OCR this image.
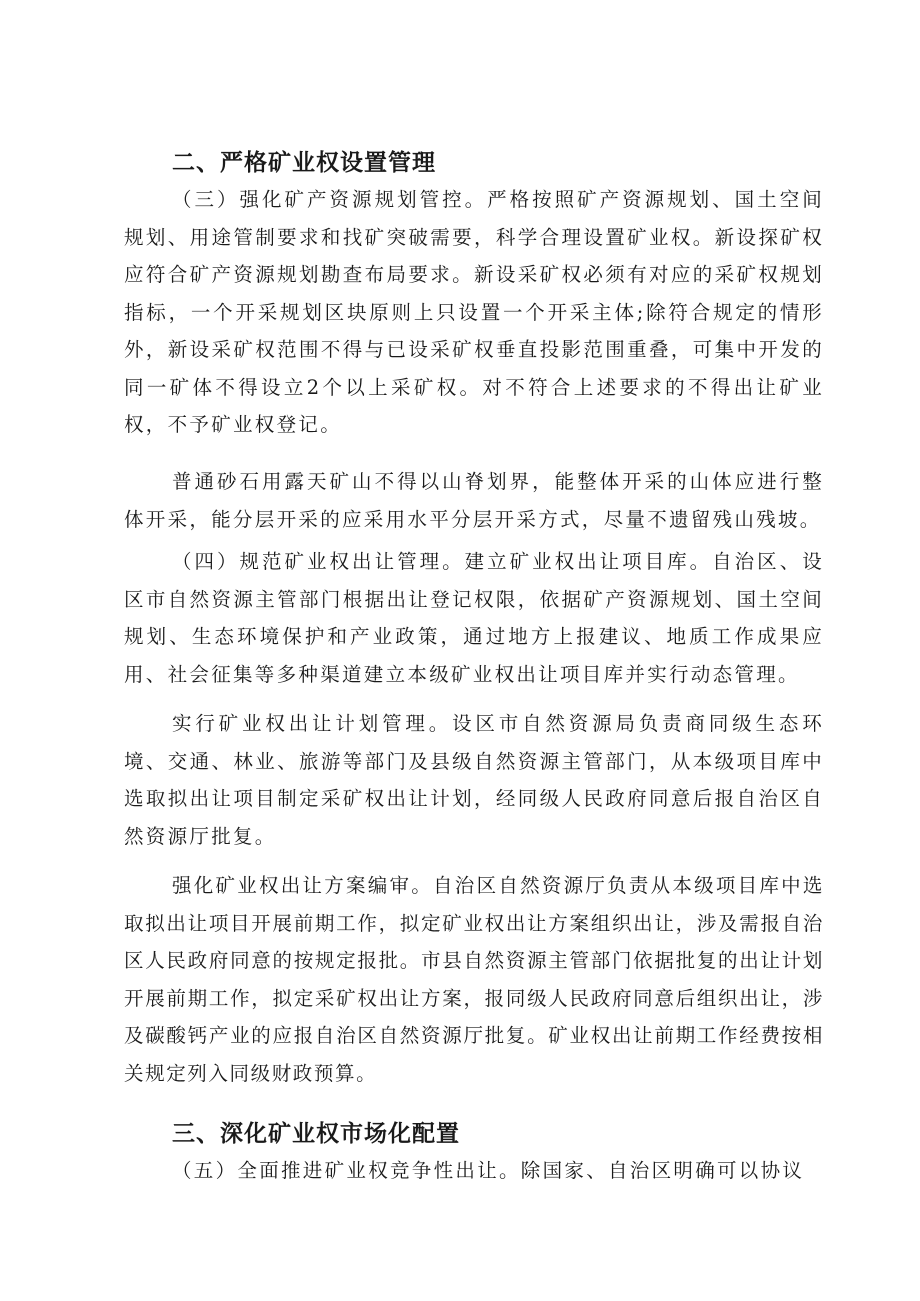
二、严格矿业权设置管理

（三）强化矿产资源规划管控。严格按照矿产资源规划、国土空间规划、用途管制要求和找矿突破需要，科学合理设置矿业权。新设探矿权应符合矿产资源规划勘查布局要求。新设采矿权必须有对应的采矿权规划指标，一个开采规划区块原则上只设置一个开采主体;除符合规定的情形外，新设采矿权范围不得与已设采矿权垂直投影范围重叠，可集中开发的同一矿体不得设立2个以上采矿权。对不符合上述要求的不得出让矿业权，不予矿业权登记。

普通砂石用露天矿山不得以山脊划界，能整体开采的山体应进行整体开采，能分层开采的应采用水平分层开采方式，尽量不遗留残山残坡。

（四）规范矿业权出让管理。建立矿业权出让项目库。自治区、设区市自然资源主管部门根据出让登记权限，依据矿产资源规划、国土空间规划、生态环境保护和产业政策，通过地方上报建议、地质工作成果应用、社会征集等多种渠道建立本级矿业权出让项目库并实行动态管理。

实行矿业权出让计划管理。设区市自然资源局负责商同级生态环境、交通、林业、旅游等部门及县级自然资源主管部门，从本级项目库中选取拟出让项目制定采矿权出让计划，经同级人民政府同意后报自治区自然资源厅批复。

强化矿业权出让方案编审。自治区自然资源厅负责从本级项目库中选取拟出让项目开展前期工作，拟定矿业权出让方案组织出让，涉及需报自治区人民政府同意的按规定报批。市县自然资源主管部门依据批复的出让计划开展前期工作，拟定采矿权出让方案，报同级人民政府同意后组织出让，涉及碳酸钙产业的应报自治区自然资源厅批复。矿业权出让前期工作经费按相关规定列入同级财政预算。

三、深化矿业权市场化配置

（五）全面推进矿业权竞争性出让。除国家、自治区明确可以协议
